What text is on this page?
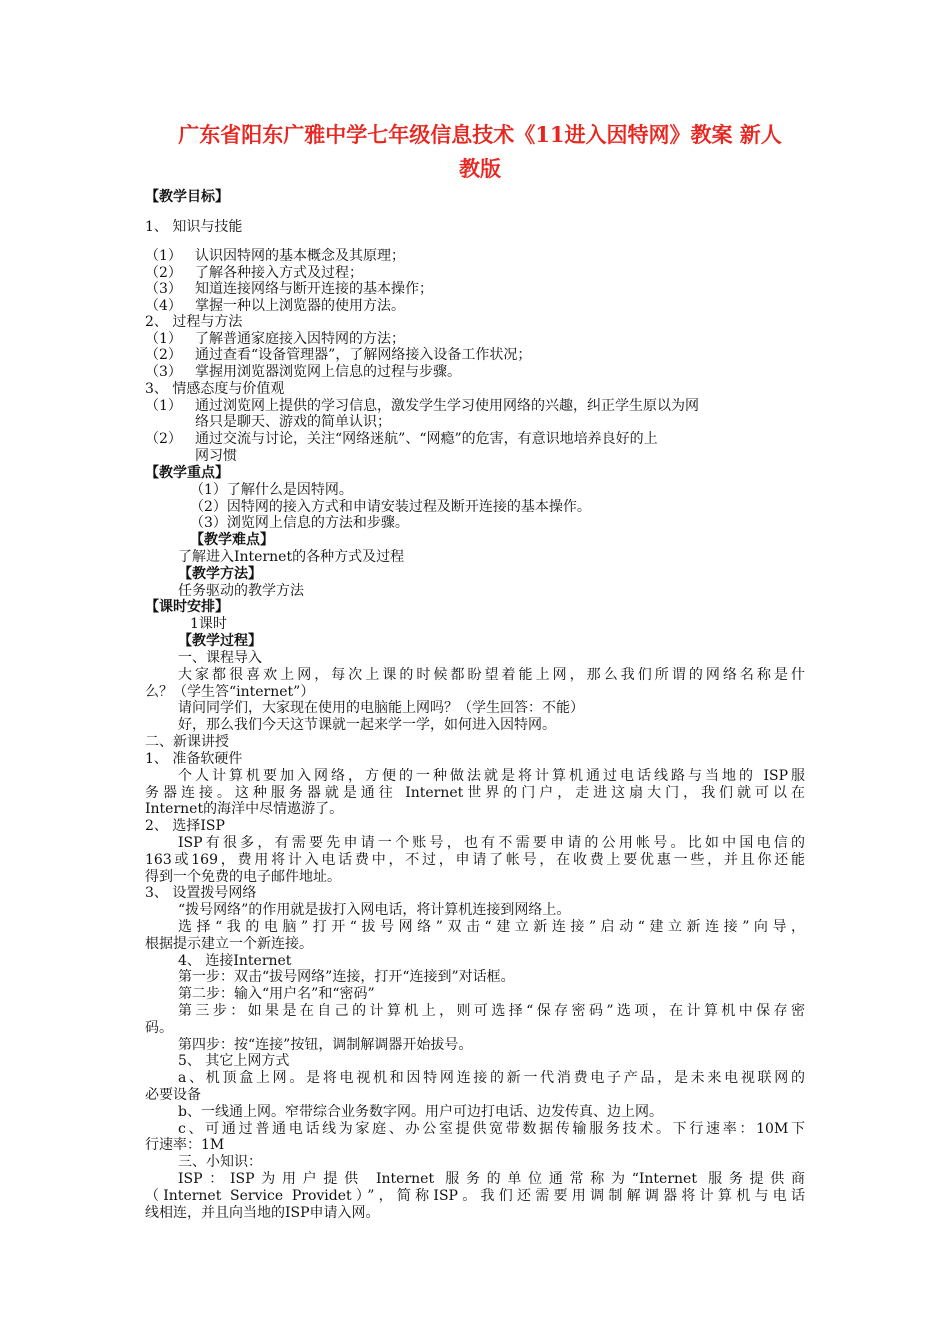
广东省阳东广雅中学七年级信息技术《11进入因特网》教案 新人
教版
【教学目标】
1、 知识与技能
（1） 认识因特网的基本概念及其原理；
（2） 了解各种接入方式及过程；
（3） 知道连接网络与断开连接的基本操作；
（4） 掌握一种以上浏览器的使用方法。
2、 过程与方法
（1） 了解普通家庭接入因特网的方法；
（2） 通过查看“设备管理器”，了解网络接入设备工作状况；
（3） 掌握用浏览器浏览网上信息的过程与步骤。
3、 情感态度与价值观
（1） 通过浏览网上提供的学习信息，激发学生学习使用网络的兴趣，纠正学生原以为网
络只是聊天、游戏的简单认识；
（2） 通过交流与讨论，关注“网络迷航”、“网瘾”的危害，有意识地培养良好的上
网习惯
【教学重点】
（1）了解什么是因特网。
（2）因特网的接入方式和申请安装过程及断开连接的基本操作。
（3）浏览网上信息的方法和步骤。
【教学难点】
了解进入Internet的各种方式及过程
【教学方法】
任务驱动的教学方法
【课时安排】
1课时
【教学过程】
一、课程导入
大家都很喜欢上网，每次上课的时候都盼望着能上网，那么我们所谓的网络名称是什
么？（学生答“internet”）
请问同学们，大家现在使用的电脑能上网吗？（学生回答：不能）
好，那么我们今天这节课就一起来学一学，如何进入因特网。
二、新课讲授
1、 准备软硬件
个人计算机要加入网络，方便的一种做法就是将计算机通过电话线路与当地的 ISP服
务器连接。这种服务器就是通往 Internet世界的门户，走进这扇大门，我们就可以在
Internet的海洋中尽情遨游了。
2、 选择ISP
ISP有很多，有需要先申请一个账号，也有不需要申请的公用帐号。比如中国电信的
163或169，费用将计入电话费中，不过，申请了帐号，在收费上要优惠一些，并且你还能
得到一个免费的电子邮件地址。
3、 设置拨号网络
“拨号网络”的作用就是拔打入网电话，将计算机连接到网络上。
选择“我的电脑”打开“拔号网络”双击“建立新连接”启动“建立新连接”向导，
根据提示建立一个新连接。
4、 连接Internet
第一步：双击“拔号网络”连接，打开“连接到”对话框。
第二步：输入“用户名”和“密码”
第三步：如果是在自己的计算机上，则可选择“保存密码”选项，在计算机中保存密
码。
第四步：按“连接”按钮，调制解调器开始拔号。
5、 其它上网方式
a、机顶盒上网。是将电视机和因特网连接的新一代消费电子产品，是未来电视联网的
必要设备
b、一线通上网。窄带综合业务数字网。用户可边打电话、边发传真、边上网。
c、可通过普通电话线为家庭、办公室提供宽带数据传输服务技术。下行速率：10M下
行速率：1M
三、小知识：
ISP：ISP为用户提供 Internet 服务的单位通常称为“Internet 服务提供商
（Internet Service Providet）”，简称ISP。我们还需要用调制解调器将计算机与电话
线相连，并且向当地的ISP申请入网。
